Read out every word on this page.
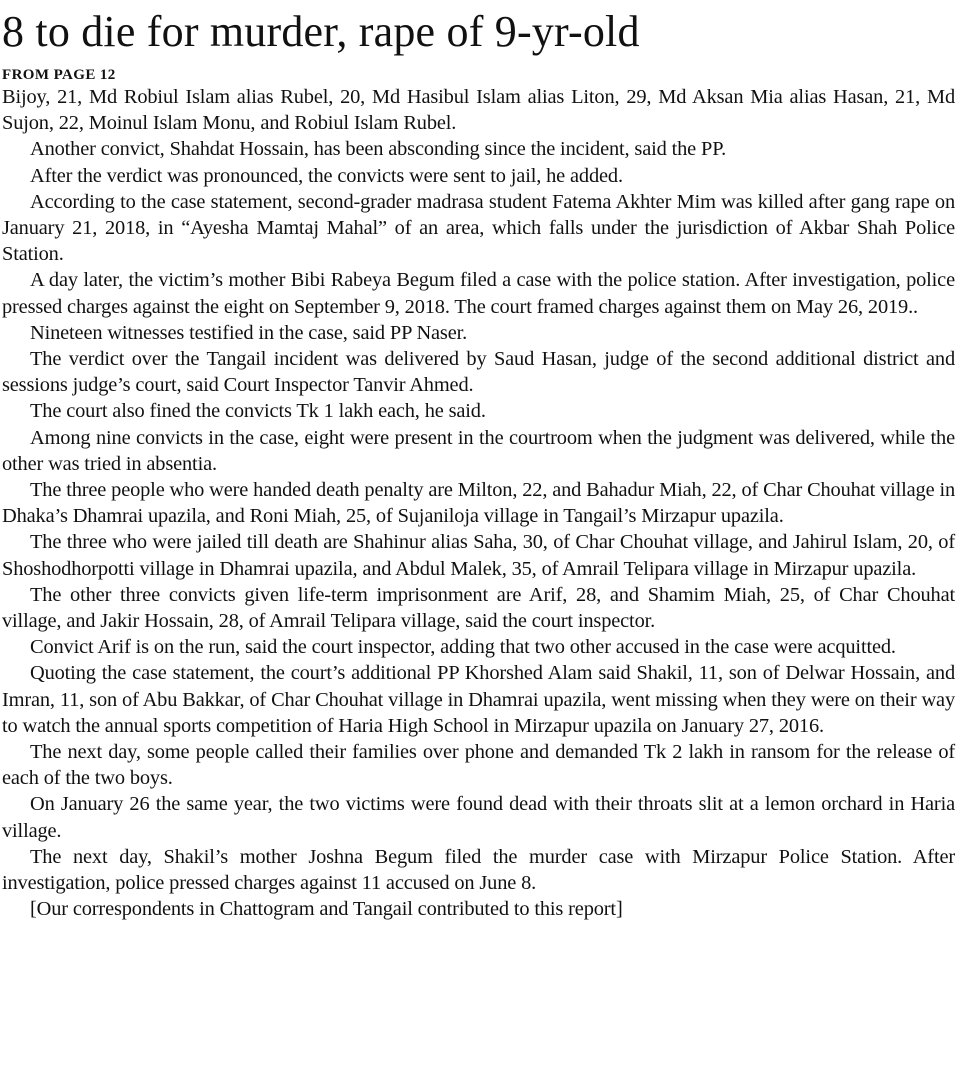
8 to die for murder, rape of 9-yr-old
FROM PAGE 12

Bijoy, 21, Md Robiul Islam alias Rubel, 20, Md Hasibul Islam alias Liton, 29, Md Aksan Mia alias Hasan, 21, Md Sujon, 22, Moinul Islam Monu, and Robiul Islam Rubel.

Another convict, Shahdat Hossain, has been absconding since the incident, said the PP.

After the verdict was pronounced, the convicts were sent to jail, he added.

According to the case statement, second-grader madrasa student Fatema Akhter Mim was killed after gang rape on January 21, 2018, in “Ayesha Mamtaj Mahal” of an area, which falls under the jurisdiction of Akbar Shah Police Station.

A day later, the victim’s mother Bibi Rabeya Begum filed a case with the police station. After investigation, police pressed charges against the eight on September 9, 2018. The court framed charges against them on May 26, 2019..

Nineteen witnesses testified in the case, said PP Naser.

The verdict over the Tangail incident was delivered by Saud Hasan, judge of the second additional district and sessions judge’s court, said Court Inspector Tanvir Ahmed.

The court also fined the convicts Tk 1 lakh each, he said.

Among nine convicts in the case, eight were present in the courtroom when the judgment was delivered, while the other was tried in absentia.

The three people who were handed death penalty are Milton, 22, and Bahadur Miah, 22, of Char Chouhat village in Dhaka’s Dhamrai upazila, and Roni Miah, 25, of Sujaniloja village in Tangail’s Mirzapur upazila.

The three who were jailed till death are Shahinur alias Saha, 30, of Char Chouhat village, and Jahirul Islam, 20, of Shoshodhorpotti village in Dhamrai upazila, and Abdul Malek, 35, of Amrail Telipara village in Mirzapur upazila.

The other three convicts given life-term imprisonment are Arif, 28, and Shamim Miah, 25, of Char Chouhat village, and Jakir Hossain, 28, of Amrail Telipara village, said the court inspector.

Convict Arif is on the run, said the court inspector, adding that two other accused in the case were acquitted.

Quoting the case statement, the court’s additional PP Khorshed Alam said Shakil, 11, son of Delwar Hossain, and Imran, 11, son of Abu Bakkar, of Char Chouhat village in Dhamrai upazila, went missing when they were on their way to watch the annual sports competition of Haria High School in Mirzapur upazila on January 27, 2016.

The next day, some people called their families over phone and demanded Tk 2 lakh in ransom for the release of each of the two boys.

On January 26 the same year, the two victims were found dead with their throats slit at a lemon orchard in Haria village.

The next day, Shakil’s mother Joshna Begum filed the murder case with Mirzapur Police Station. After investigation, police pressed charges against 11 accused on June 8.

[Our correspondents in Chattogram and Tangail contributed to this report]
